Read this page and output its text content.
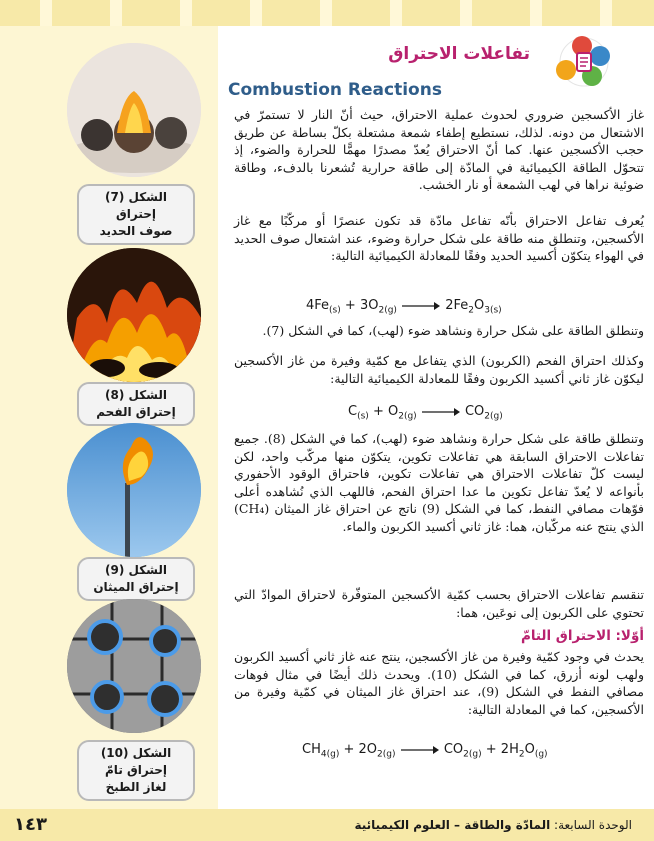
تفاعلات الاحتراق
Combustion Reactions
الشكل (7) إحتراق
صوف الحديد
الشكل (8) إحتراق الفحم
الشكل (9) إحتراق الميثان
الشكل (10) إحتراق تامّ
لغاز الطبخ
غاز الأكسجين ضروري لحدوث عملية الاحتراق، حيث أنّ النار لا تستمرّ في الاشتعال من دونه. لذلك، نستطيع إطفاء شمعة مشتعلة بكلّ بساطة عن طريق حجب الأكسجين عنها. كما أنّ الاحتراق يُعدّ مصدرًا مهمًّا للحرارة والضوء، إذ تتحوّل الطاقة الكيميائية في المادّة إلى طاقة حرارية تُشعرنا بالدفء، وطاقة ضوئية نراها في لهب الشمعة أو نار الخشب.
يُعرف تفاعل الاحتراق بأنّه تفاعل مادّة قد تكون عنصرًا أو مركّبًا مع غاز الأكسجين، وتنطلق منه طاقة على شكل حرارة وضوء، عند اشتعال صوف الحديد في الهواء يتكوّن أكسيد الحديد وفقًا للمعادلة الكيميائية التالية:
$4Fe_{(s)} + 3O_{2(g)} \to 2Fe_2O_{3(s)}$
وتنطلق الطاقة على شكل حرارة ونشاهد ضوء (لهب)، كما في الشكل (7).
وكذلك احتراق الفحم (الكربون) الذي يتفاعل مع كمّية وفيرة من غاز الأكسجين ليكوّن غاز ثاني أكسيد الكربون وفقًا للمعادلة الكيميائية التالية:
$C_{(s)} + O_{2(g)} \to CO_{2(g)}$
وتنطلق طاقة على شكل حرارة ونشاهد ضوء (لهب)، كما في الشكل (8). جميع تفاعلات الاحتراق السابقة هي تفاعلات تكوين، يتكوّن منها مركّب واحد، لكن ليست كلّ تفاعلات الاحتراق هي تفاعلات تكوين، فاحتراق الوقود الأحفوري بأنواعه لا يُعدّ تفاعل تكوين ما عدا احتراق الفحم، فاللهب الذي نُشاهده أعلى فوّهات مصافي النفط، كما في الشكل (9) ناتج عن احتراق غاز الميثان (CH₄) الذي ينتج عنه مركّبان، هما: غاز ثاني أكسيد الكربون والماء.
تنقسم تفاعلات الاحتراق بحسب كمّية الأكسجين المتوفّرة لاحتراق الموادّ التي تحتوي على الكربون إلى نوعَين، هما:
أوّلا: الاحتراق التامّ
يحدث في وجود كمّية وفيرة من غاز الأكسجين، ينتج عنه غاز ثاني أكسيد الكربون ولهب لونه أزرق، كما في الشكل (10). ويحدث ذلك أيضًا في مثال فوهات مصافي النفط في الشكل (9)، عند احتراق غاز الميثان في كمّية وفيرة من الأكسجين، كما في المعادلة التالية:
$CH_{4(g)} + 2O_{2(g)} \to CO_{2(g)} + 2H_2O_{(g)}$
١٤٣	الوحدة السابعة: المادّة والطاقة – العلوم الكيميائية
